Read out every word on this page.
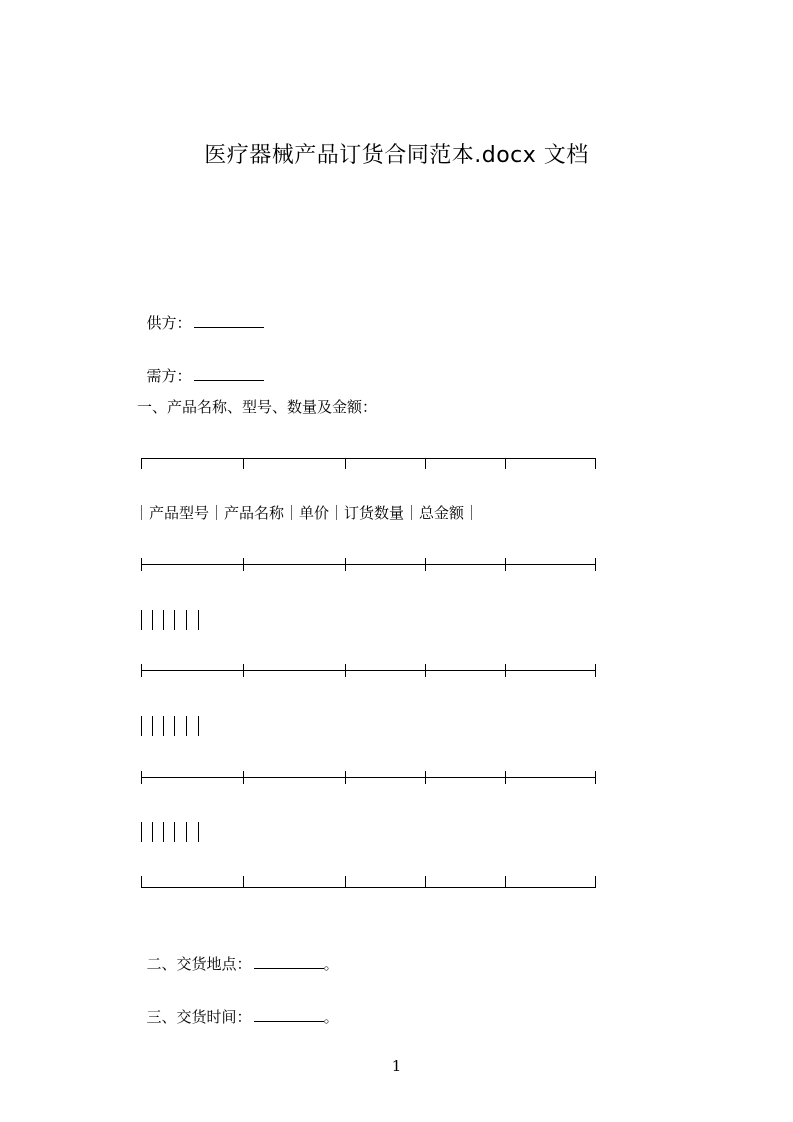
医疗器械产品订货合同范本.docx 文档

供方：

需方：

一、产品名称、型号、数量及金额：
｜产品型号｜产品名称｜单价｜订货数量｜总金额｜

二、交货地点：	。

三、交货时间：	。

1
